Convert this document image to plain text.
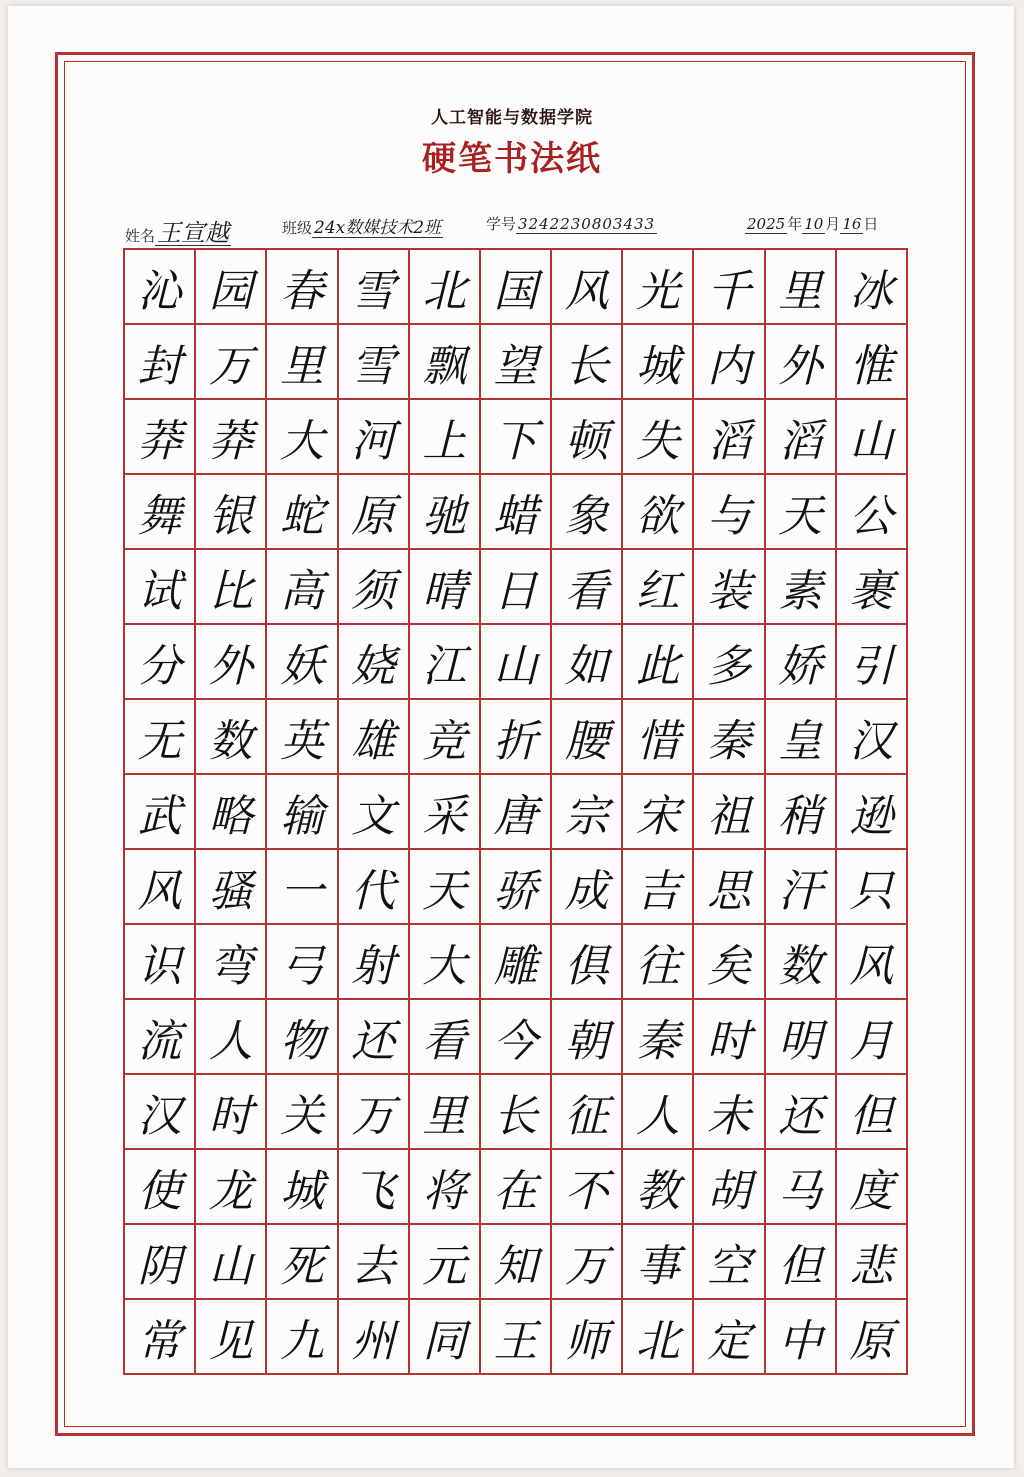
人工智能与数据学院
硬笔书法纸
姓名王宣越	班级 24x数媒技术2班	学号 3242230803433	2025 年 10 月 16 日
沁 园 春 雪 北 国 风 光 千 里 冰
封 万 里 雪 飘 望 长 城 内 外 惟
莽 莽 大 河 上 下 顿 失 滔 滔 山
舞 银 蛇 原 驰 蜡 象 欲 与 天 公
试 比 高 须 晴 日 看 红 装 素 裹
分 外 妖 娆 江 山 如 此 多 娇 引
无 数 英 雄 竞 折 腰 惜 秦 皇 汉
武 略 输 文 采 唐 宗 宋 祖 稍 逊
风 骚 一 代 天 骄 成 吉 思 汗 只
识 弯 弓 射 大 雕 俱 往 矣 数 风
流 人 物 还 看 今 朝 秦 时 明 月
汉 时 关 万 里 长 征 人 未 还 但
使 龙 城 飞 将 在 不 教 胡 马 度
阴 山 死 去 元 知 万 事 空 但 悲
常 见 九 州 同 王 师 北 定 中 原
